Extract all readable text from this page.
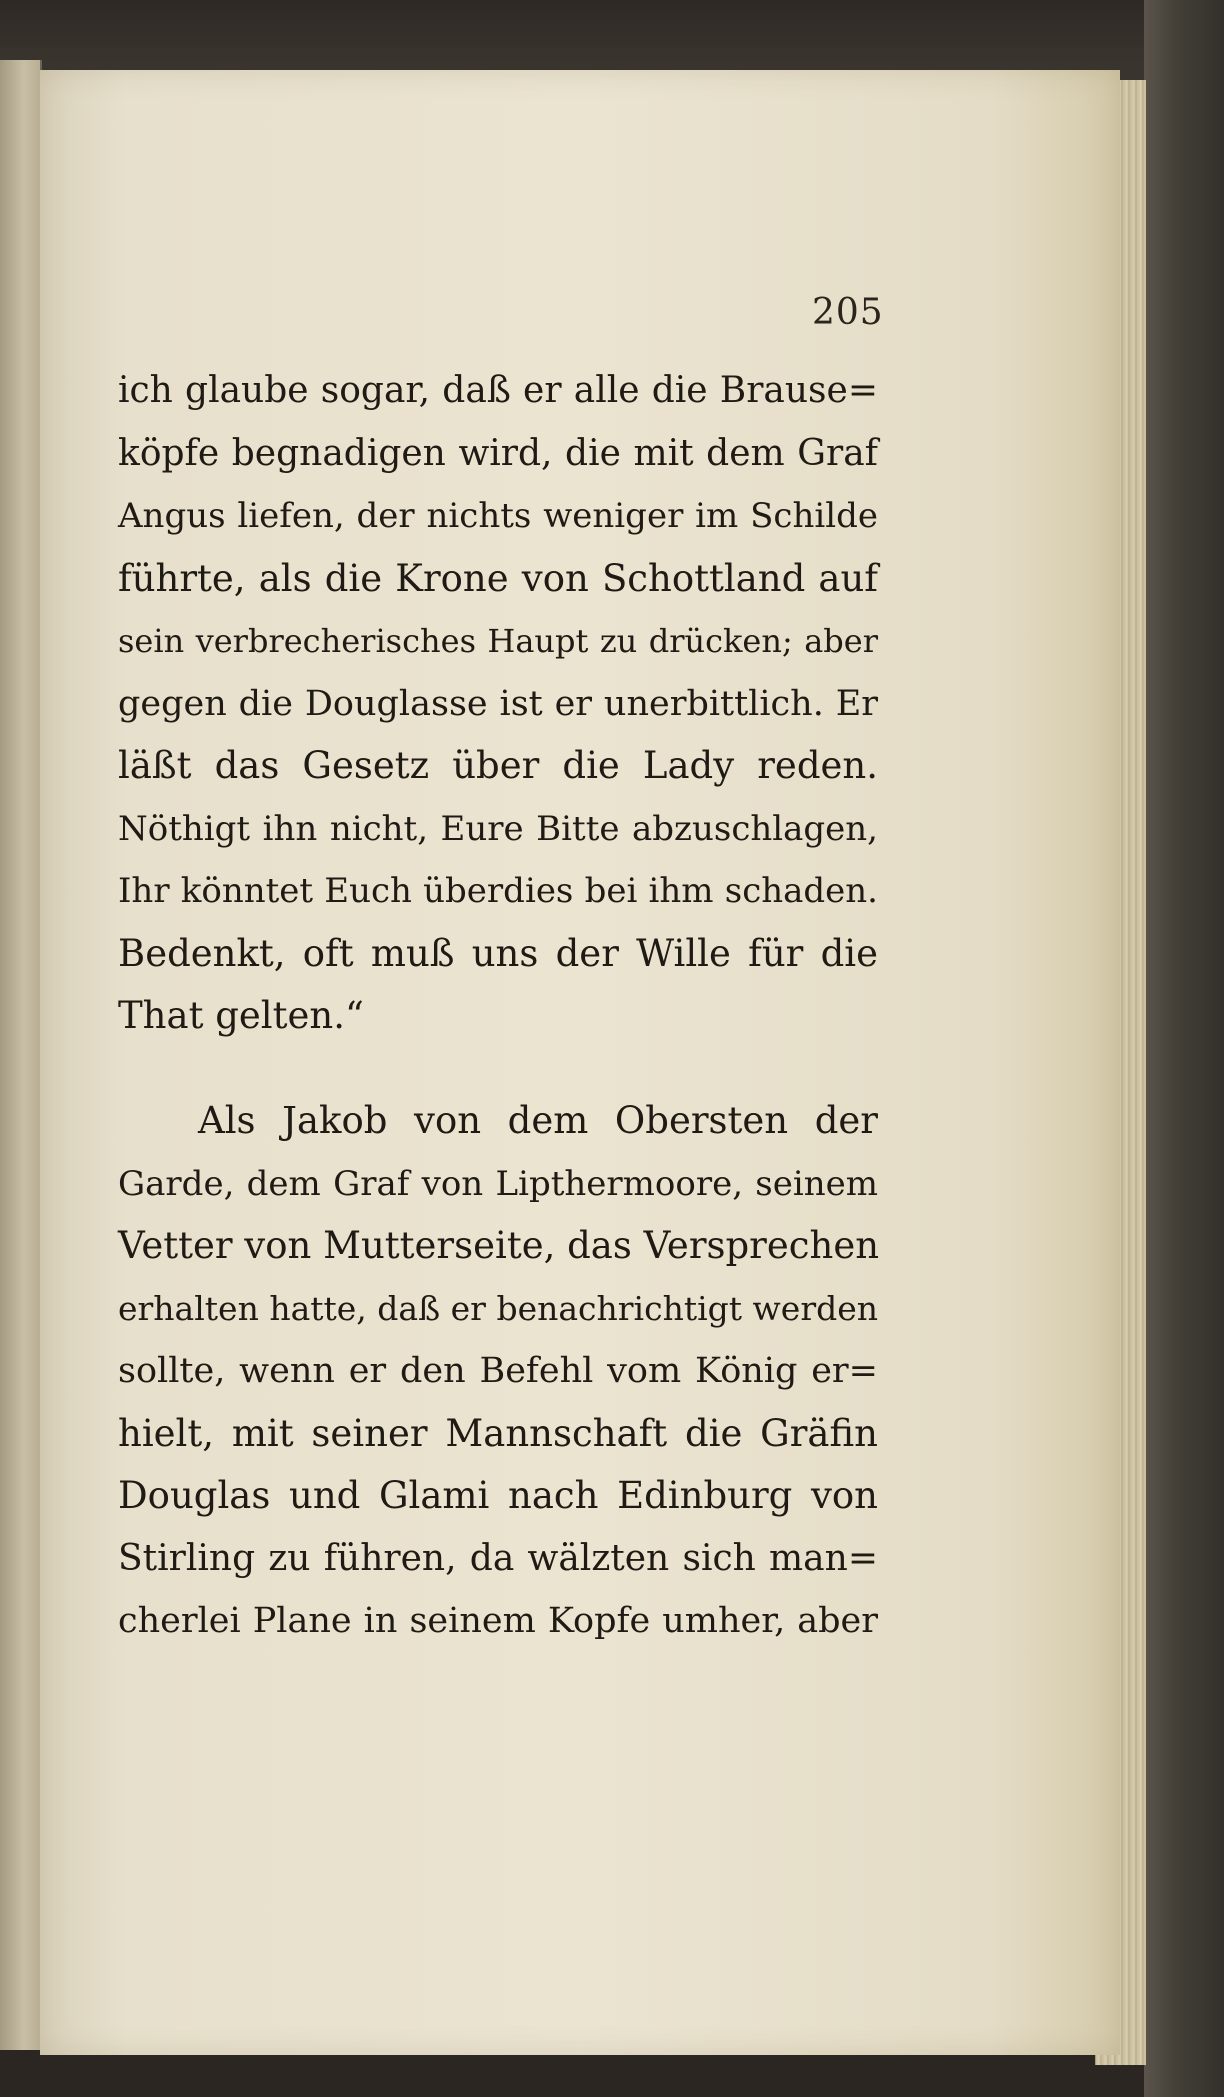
205
ich glaube sogar, daß er alle die Brause=
köpfe begnadigen wird, die mit dem Graf
Angus liefen, der nichts weniger im Schilde
führte, als die Krone von Schottland auf
sein verbrecherisches Haupt zu drücken; aber
gegen die Douglasse ist er unerbittlich. Er
läßt das Gesetz über die Lady reden.
Nöthigt ihn nicht, Eure Bitte abzuschlagen,
Ihr könntet Euch überdies bei ihm schaden.
Bedenkt, oft muß uns der Wille für die
That gelten.“
Als Jakob von dem Obersten der
Garde, dem Graf von Lipthermoore, seinem
Vetter von Mutterseite, das Versprechen
erhalten hatte, daß er benachrichtigt werden
sollte, wenn er den Befehl vom König er=
hielt, mit seiner Mannschaft die Gräfin
Douglas und Glami nach Edinburg von
Stirling zu führen, da wälzten sich man=
cherlei Plane in seinem Kopfe umher, aber
